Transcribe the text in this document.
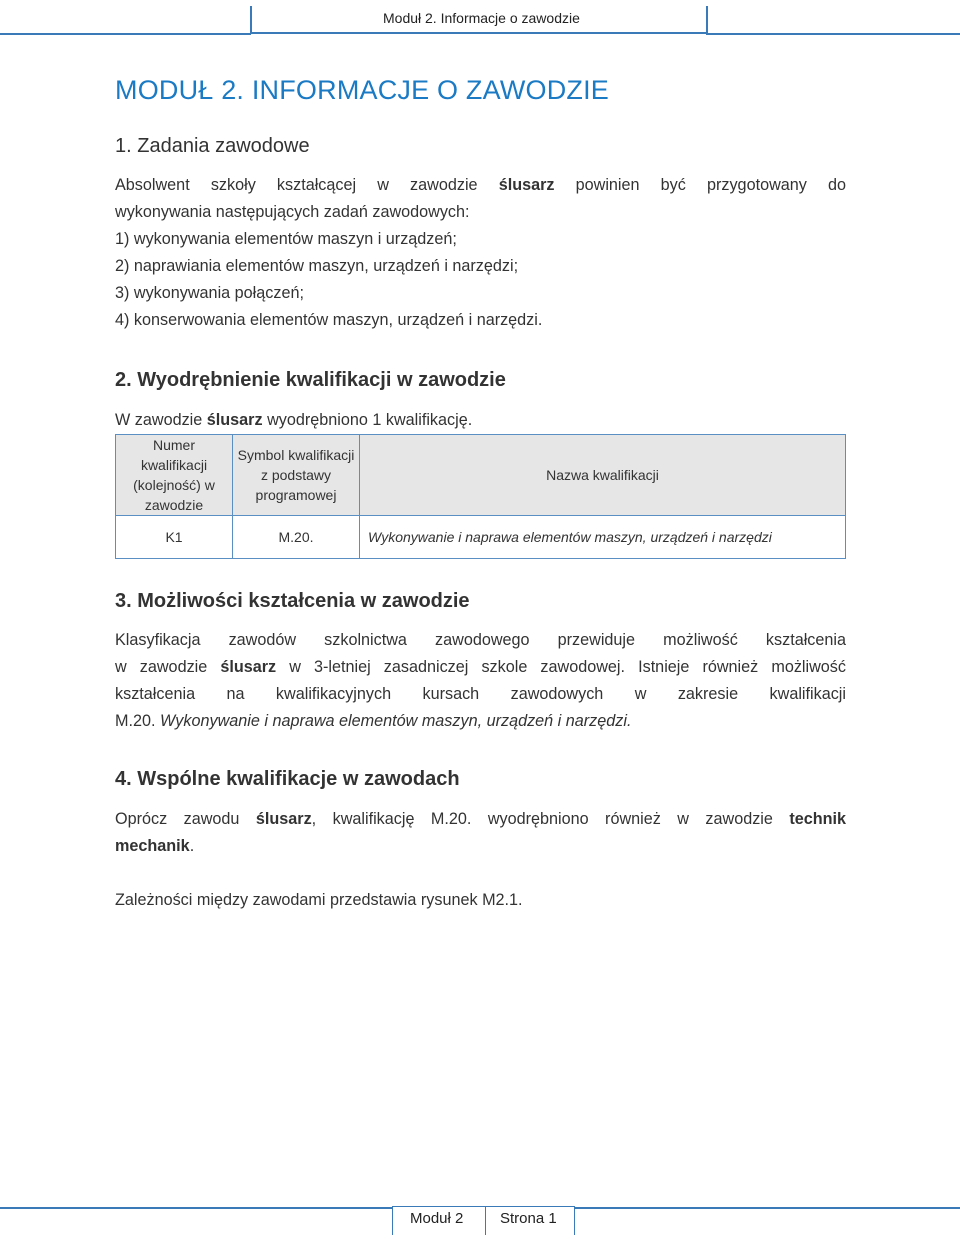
Moduł 2. Informacje o zawodzie
MODUŁ 2. INFORMACJE O ZAWODZIE
1. Zadania zawodowe
Absolwent szkoły kształcącej w zawodzie ślusarz powinien być przygotowany do
wykonywania następujących zadań zawodowych:
1) wykonywania elementów maszyn i urządzeń;
2) naprawiania elementów maszyn, urządzeń i narzędzi;
3) wykonywania połączeń;
4) konserwowania elementów maszyn, urządzeń i narzędzi.
2. Wyodrębnienie kwalifikacji w zawodzie
W zawodzie ślusarz wyodrębniono 1 kwalifikację.
Numer kwalifikacji (kolejność) w zawodzie	Symbol kwalifikacji z podstawy programowej	Nazwa kwalifikacji
K1	M.20.	Wykonywanie i naprawa elementów maszyn, urządzeń i narzędzi
3. Możliwości kształcenia w zawodzie
Klasyfikacja zawodów szkolnictwa zawodowego przewiduje możliwość kształcenia
w zawodzie ślusarz w 3-letniej zasadniczej szkole zawodowej. Istnieje również możliwość
kształcenia na kwalifikacyjnych kursach zawodowych w zakresie kwalifikacji
M.20. Wykonywanie i naprawa elementów maszyn, urządzeń i narzędzi.
4. Wspólne kwalifikacje w zawodach
Oprócz zawodu ślusarz, kwalifikację M.20. wyodrębniono również w zawodzie technik
mechanik.
Zależności między zawodami przedstawia rysunek M2.1.
Moduł 2 Strona 1
